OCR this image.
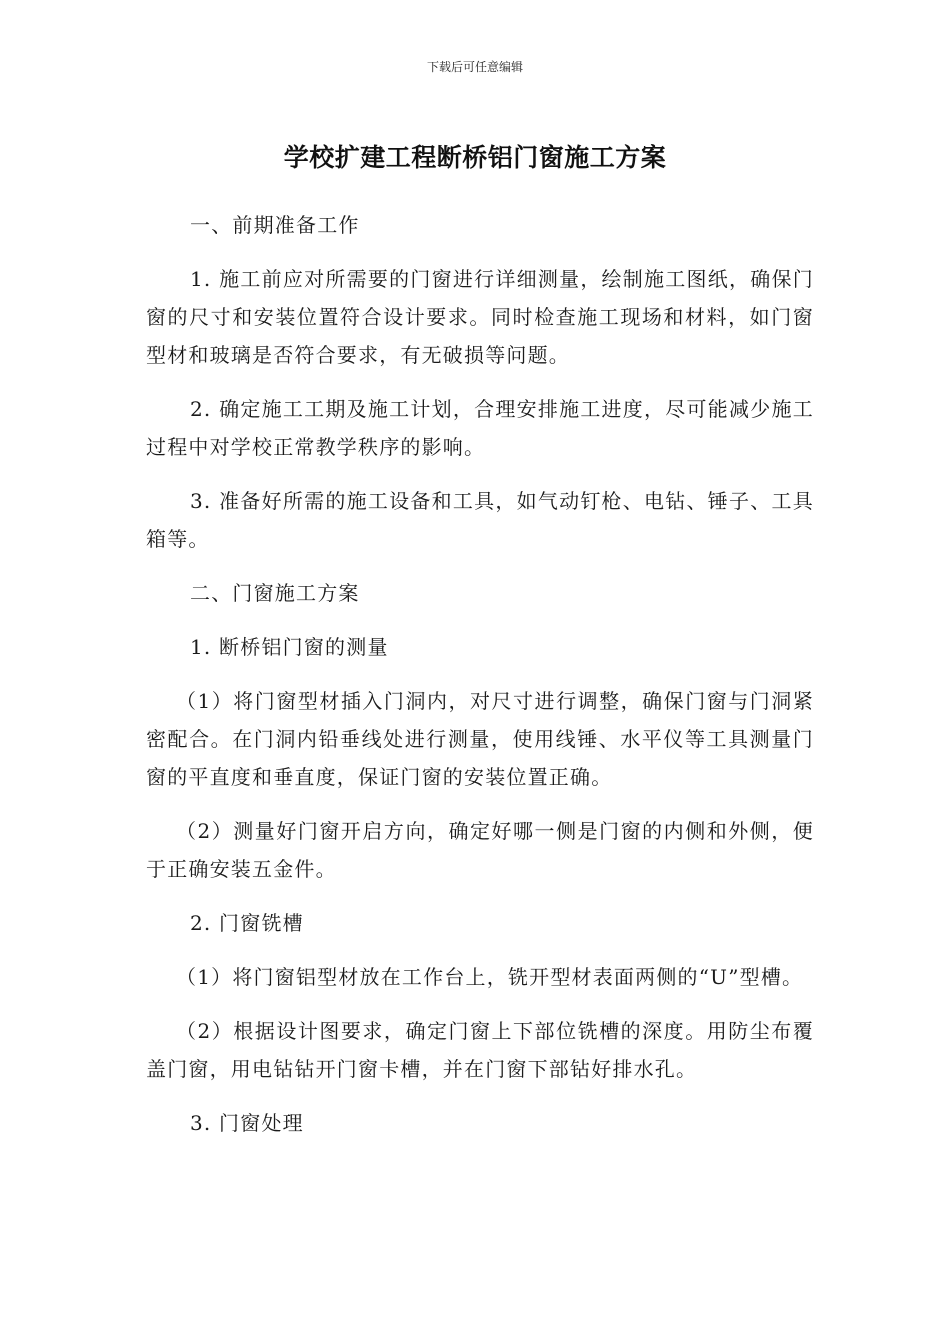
下载后可任意编辑
学校扩建工程断桥铝门窗施工方案

一、前期准备工作

1. 施工前应对所需要的门窗进行详细测量，绘制施工图纸，确保门窗的尺寸和安装位置符合设计要求。同时检查施工现场和材料，如门窗型材和玻璃是否符合要求，有无破损等问题。

2. 确定施工工期及施工计划，合理安排施工进度，尽可能减少施工过程中对学校正常教学秩序的影响。

3. 准备好所需的施工设备和工具，如气动钉枪、电钻、锤子、工具箱等。

二、门窗施工方案

1. 断桥铝门窗的测量

（1）将门窗型材插入门洞内，对尺寸进行调整，确保门窗与门洞紧密配合。在门洞内铅垂线处进行测量，使用线锤、水平仪等工具测量门窗的平直度和垂直度，保证门窗的安装位置正确。

（2）测量好门窗开启方向，确定好哪一侧是门窗的内侧和外侧，便于正确安装五金件。

2. 门窗铣槽

（1）将门窗铝型材放在工作台上，铣开型材表面两侧的“U”型槽。

（2）根据设计图要求，确定门窗上下部位铣槽的深度。用防尘布覆盖门窗，用电钻钻开门窗卡槽，并在门窗下部钻好排水孔。

3. 门窗处理
